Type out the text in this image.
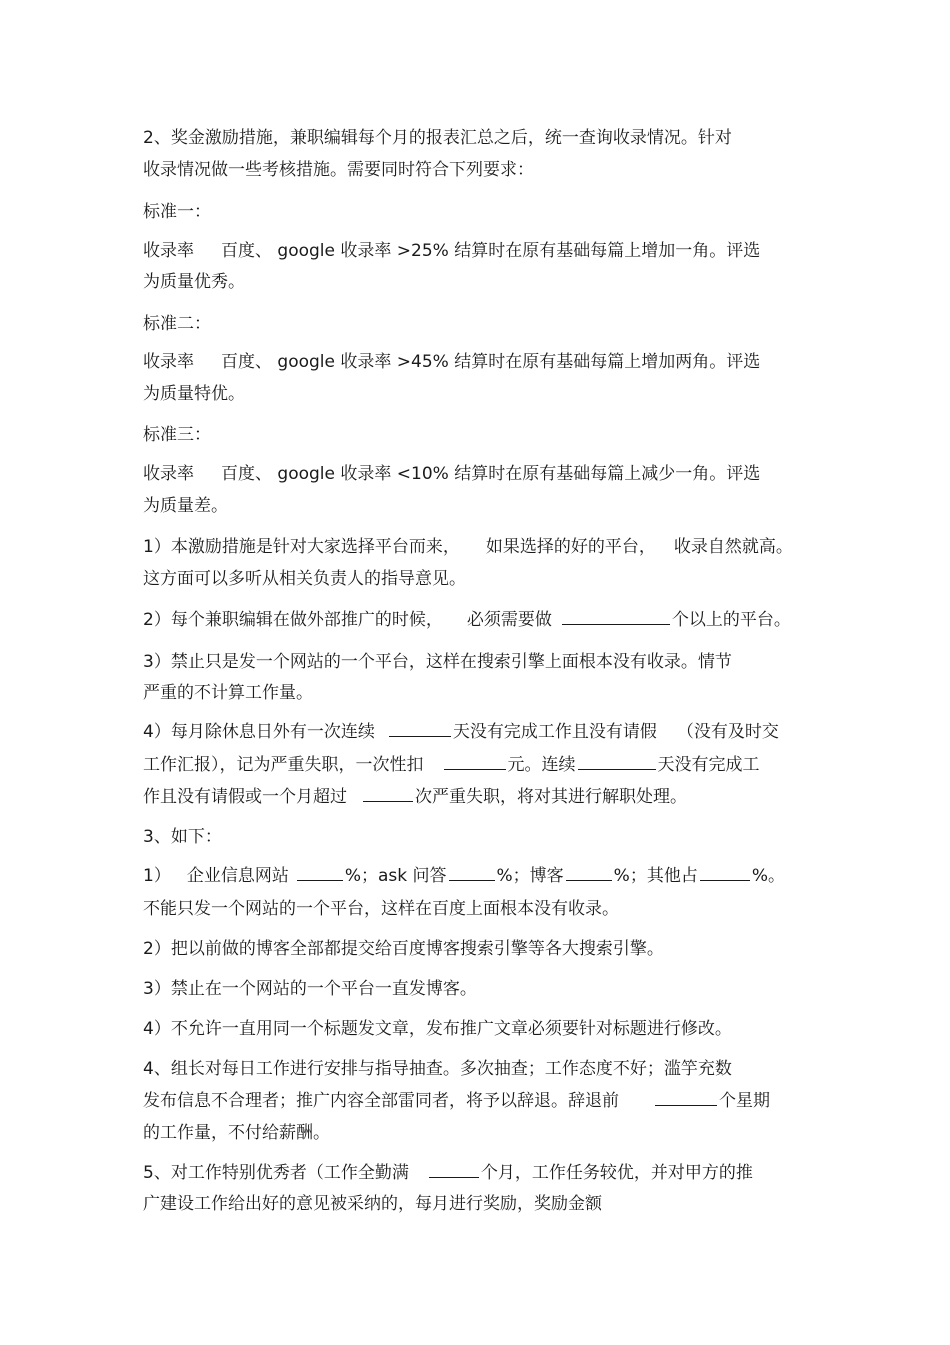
2、奖金激励措施，兼职编辑每个月的报表汇总之后，统一查询收录情况。针对
收录情况做一些考核措施。需要同时符合下列要求：
标准一：
收录率 百度、 google 收录率 >25% 结算时在原有基础每篇上增加一角。评选
为质量优秀。
标准二：
收录率 百度、 google 收录率 >45% 结算时在原有基础每篇上增加两角。评选
为质量特优。
标准三：
收录率 百度、 google 收录率 <10% 结算时在原有基础每篇上减少一角。评选
为质量差。
1）本激励措施是针对大家选择平台而来， 如果选择的好的平台， 收录自然就高。
这方面可以多听从相关负责人的指导意见。
2）每个兼职编辑在做外部推广的时候， 必须需要做	个以上的平台。
3）禁止只是发一个网站的一个平台，这样在搜索引擎上面根本没有收录。情节
严重的不计算工作量。
4）每月除休息日外有一次连续	天没有完成工作且没有请假 （没有及时交
工作汇报），记为严重失职，一次性扣	元。连续	天没有完成工
作且没有请假或一个月超过	次严重失职，将对其进行解职处理。
3、如下：
1） 企业信息网站	%；ask 问答	%；博客	%；其他占	%。
不能只发一个网站的一个平台，这样在百度上面根本没有收录。
2）把以前做的博客全部都提交给百度博客搜索引擎等各大搜索引擎。
3）禁止在一个网站的一个平台一直发博客。
4）不允许一直用同一个标题发文章，发布推广文章必须要针对标题进行修改。
4、组长对每日工作进行安排与指导抽查。多次抽查；工作态度不好；滥竽充数
发布信息不合理者；推广内容全部雷同者，将予以辞退。辞退前	个星期
的工作量，不付给薪酬。
5、对工作特别优秀者（工作全勤满	个月，工作任务较优，并对甲方的推
广建设工作给出好的意见被采纳的，每月进行奖励，奖励金额
